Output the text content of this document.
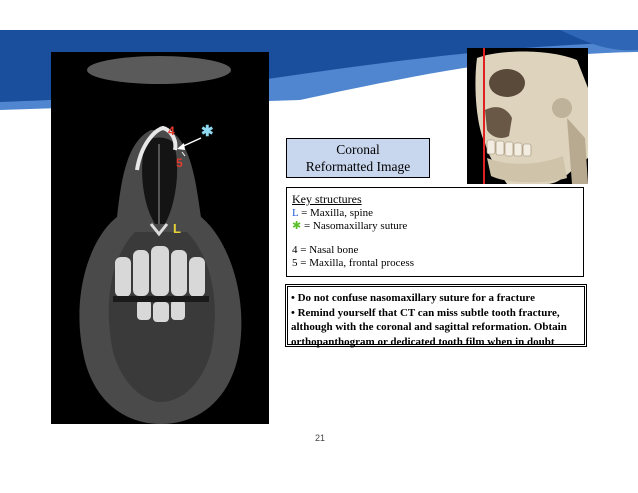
4
5
L
✱
Coronal
Reformatted Image
Key structures
L = Maxilla, spine
✱ = Nasomaxillary suture
4 = Nasal bone
5 = Maxilla, frontal process
• Do not confuse nasomaxillary suture for a fracture
• Remind yourself that CT can miss subtle tooth fracture,
although with the coronal and sagittal reformation. Obtain
orthopanthogram or dedicated tooth film when in doubt
21
